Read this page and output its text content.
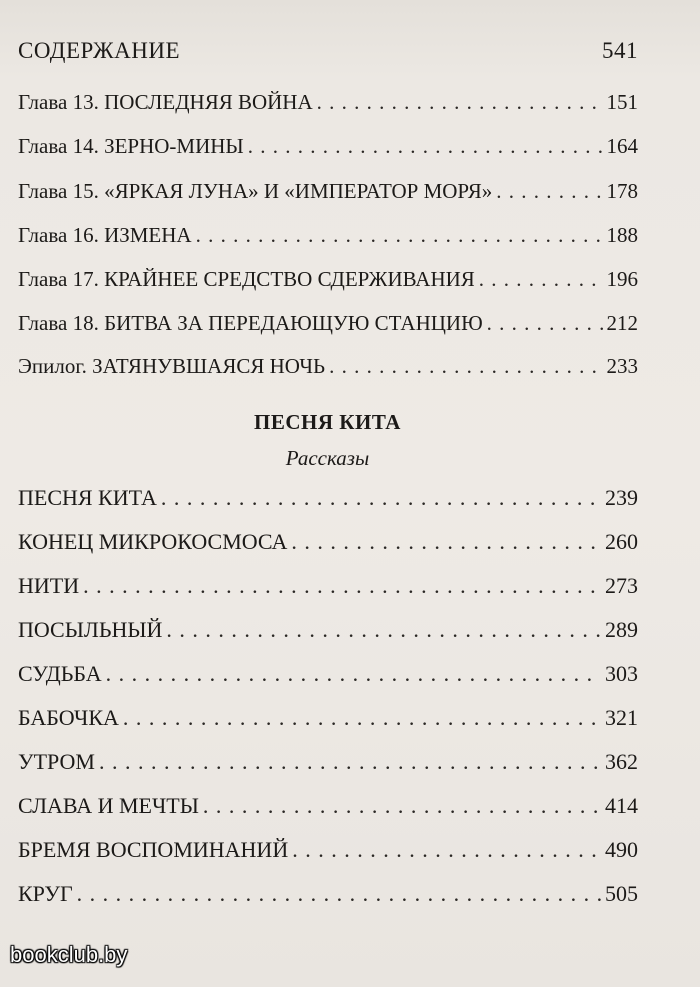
СОДЕРЖАНИЕ	541
Глава 13. ПОСЛЕДНЯЯ ВОЙНА . . .	151
Глава 14. ЗЕРНО-МИНЫ . . .	164
Глава 15. «ЯРКАЯ ЛУНА» И «ИМПЕРАТОР МОРЯ» . . .	178
Глава 16. ИЗМЕНА . . .	188
Глава 17. КРАЙНЕЕ СРЕДСТВО СДЕРЖИВАНИЯ . . .	196
Глава 18. БИТВА ЗА ПЕРЕДАЮЩУЮ СТАНЦИЮ . . .	212
Эпилог. ЗАТЯНУВШАЯСЯ НОЧЬ . . .	233
ПЕСНЯ КИТА
Рассказы
ПЕСНЯ КИТА . . .	239
КОНЕЦ МИКРОКОСМОСА . . .	260
НИТИ . . .	273
ПОСЫЛЬНЫЙ . . .	289
СУДЬБА . . .	303
БАБОЧКА . . .	321
УТРОМ . . .	362
СЛАВА И МЕЧТЫ . . .	414
БРЕМЯ ВОСПОМИНАНИЙ . . .	490
КРУГ . . .	505
bookclub.by
